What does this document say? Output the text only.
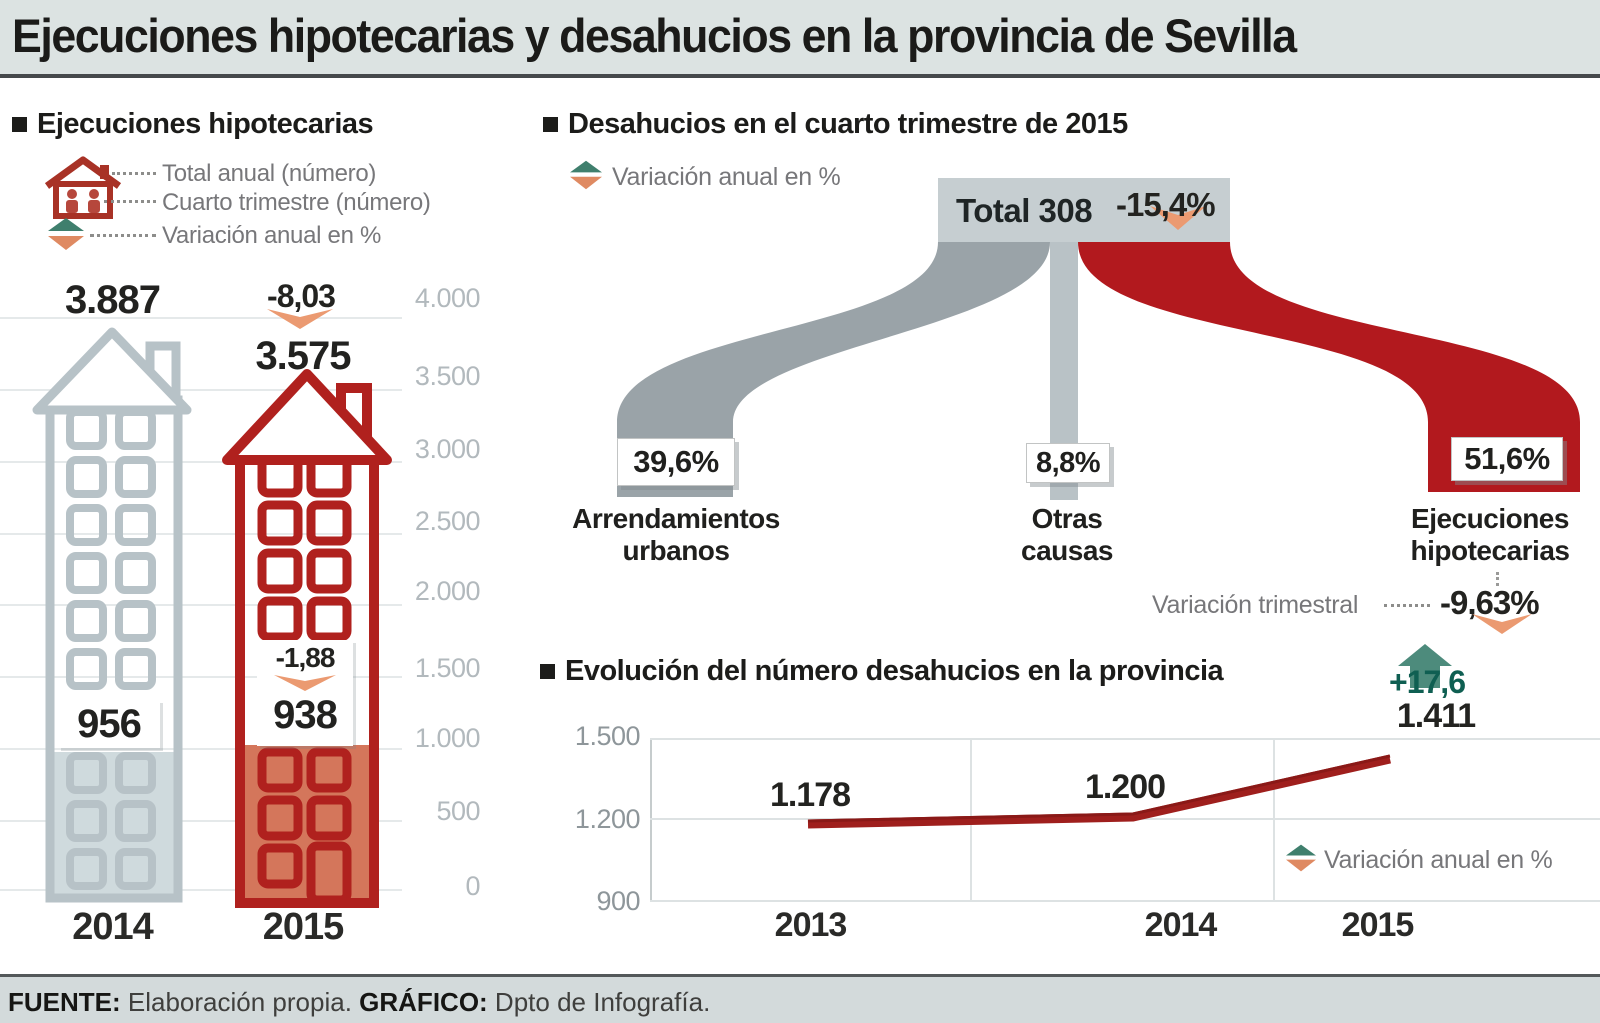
Ejecuciones hipotecarias y desahucios en la provincia de Sevilla
Ejecuciones hipotecarias
Total anual (número)
Cuarto trimestre (número)
Variación anual en %
4.000
3.500
3.000
2.500
2.000
1.500
1.000
500
0
3.887	-8,03
3.575
956
-1,88
938
2014	2015
Desahucios en el cuarto trimestre de 2015
Variación anual en %
Total 308 -15,4%
39,6%	8,8%	51,6%
Arrendamientos
urbanos
Otras
causas
Ejecuciones
hipotecarias
Variación trimestral -9,63%
Evolución del número desahucios en la provincia
1.500
1.200
900
1.178	1.200
+17,6
1.411
2013	2014	2015
Variación anual en %
FUENTE: Elaboración propia. GRÁFICO: Dpto de Infografía.
